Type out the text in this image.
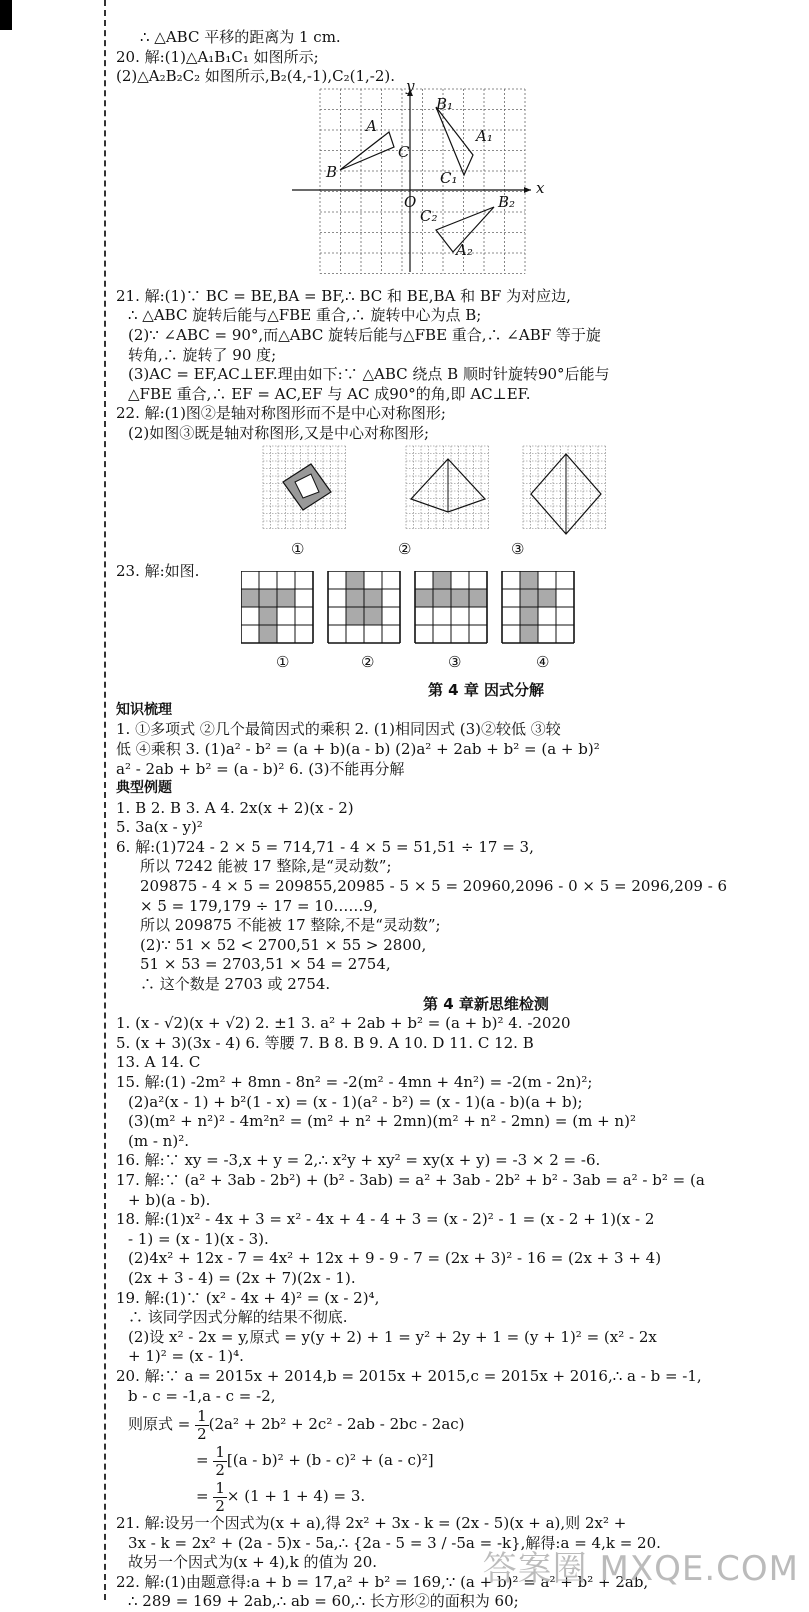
∴ △ABC 平移的距离为 1 cm.
20. 解:(1)△A₁B₁C₁ 如图所示;
(2)△A₂B₂C₂ 如图所示,B₂(4,-1),C₂(1,-2).
y
x
O
A
B
C
B₁
A₁
C₁
C₂
B₂
A₂
21. 解:(1)∵ BC = BE,BA = BF,∴ BC 和 BE,BA 和 BF 为对应边,
∴ △ABC 旋转后能与△FBE 重合,∴ 旋转中心为点 B;
(2)∵ ∠ABC = 90°,而△ABC 旋转后能与△FBE 重合,∴ ∠ABF 等于旋
转角,∴ 旋转了 90 度;
(3)AC = EF,AC⊥EF.理由如下:∵ △ABC 绕点 B 顺时针旋转90°后能与
△FBE 重合,∴ EF = AC,EF 与 AC 成90°的角,即 AC⊥EF.
22. 解:(1)图②是轴对称图形而不是中心对称图形;
(2)如图③既是轴对称图形,又是中心对称图形;
①	②	③
23. 解:如图.
①	②	③	④
第 4 章 因式分解
知识梳理
1. ①多项式 ②几个最简因式的乘积 2. (1)相同因式 (3)②较低 ③较
低 ④乘积 3. (1)a² - b² = (a + b)(a - b) (2)a² + 2ab + b² = (a + b)²
a² - 2ab + b² = (a - b)² 6. (3)不能再分解
典型例题
1. B 2. B 3. A 4. 2x(x + 2)(x - 2)
5. 3a(x - y)²
6. 解:(1)724 - 2 × 5 = 714,71 - 4 × 5 = 51,51 ÷ 17 = 3,
所以 7242 能被 17 整除,是“灵动数”;
209875 - 4 × 5 = 209855,20985 - 5 × 5 = 20960,2096 - 0 × 5 = 2096,209 - 6
× 5 = 179,179 ÷ 17 = 10……9,
所以 209875 不能被 17 整除,不是“灵动数”;
(2)∵ 51 × 52 < 2700,51 × 55 > 2800,
51 × 53 = 2703,51 × 54 = 2754,
∴ 这个数是 2703 或 2754.
第 4 章新思维检测
1. (x - √2)(x + √2) 2. ±1 3. a² + 2ab + b² = (a + b)² 4. -2020
5. (x + 3)(3x - 4) 6. 等腰 7. B 8. B 9. A 10. D 11. C 12. B
13. A 14. C
15. 解:(1) -2m² + 8mn - 8n² = -2(m² - 4mn + 4n²) = -2(m - 2n)²;
(2)a²(x - 1) + b²(1 - x) = (x - 1)(a² - b²) = (x - 1)(a - b)(a + b);
(3)(m² + n²)² - 4m²n² = (m² + n² + 2mn)(m² + n² - 2mn) = (m + n)²
(m - n)².
16. 解:∵ xy = -3,x + y = 2,∴ x²y + xy² = xy(x + y) = -3 × 2 = -6.
17. 解:∵ (a² + 3ab - 2b²) + (b² - 3ab) = a² + 3ab - 2b² + b² - 3ab = a² - b² = (a
+ b)(a - b).
18. 解:(1)x² - 4x + 3 = x² - 4x + 4 - 4 + 3 = (x - 2)² - 1 = (x - 2 + 1)(x - 2
- 1) = (x - 1)(x - 3).
(2)4x² + 12x - 7 = 4x² + 12x + 9 - 9 - 7 = (2x + 3)² - 16 = (2x + 3 + 4)
(2x + 3 - 4) = (2x + 7)(2x - 1).
19. 解:(1)∵ (x² - 4x + 4)² = (x - 2)⁴,
∴ 该同学因式分解的结果不彻底.
(2)设 x² - 2x = y,原式 = y(y + 2) + 1 = y² + 2y + 1 = (y + 1)² = (x² - 2x
+ 1)² = (x - 1)⁴.
20. 解:∵ a = 2015x + 2014,b = 2015x + 2015,c = 2015x + 2016,∴ a - b = -1,
b - c = -1,a - c = -2,
则原式 = $\frac{1}{2} (2a^2 + 2b^2 + 2c^2 - 2ab - 2bc - 2ac)$
= $\frac{1}{2} [(a - b)^2 + (b - c)^2 + (a - c)^2]$
= $\frac{1}{2} \times (1 + 1 + 4) = 3$.
21. 解:设另一个因式为(x + a),得 2x² + 3x - k = (2x - 5)(x + a),则 2x² +
3x - k = 2x² + (2a - 5)x - 5a,∴ {2a - 5 = 3 / -5a = -k},解得:a = 4,k = 20.
故另一个因式为(x + 4),k 的值为 20.
22. 解:(1)由题意得:a + b = 17,a² + b² = 169,∵ (a + b)² = a² + b² + 2ab,
∴ 289 = 169 + 2ab,∴ ab = 60,∴ 长方形②的面积为 60;
答案圈 MXQE.COM
